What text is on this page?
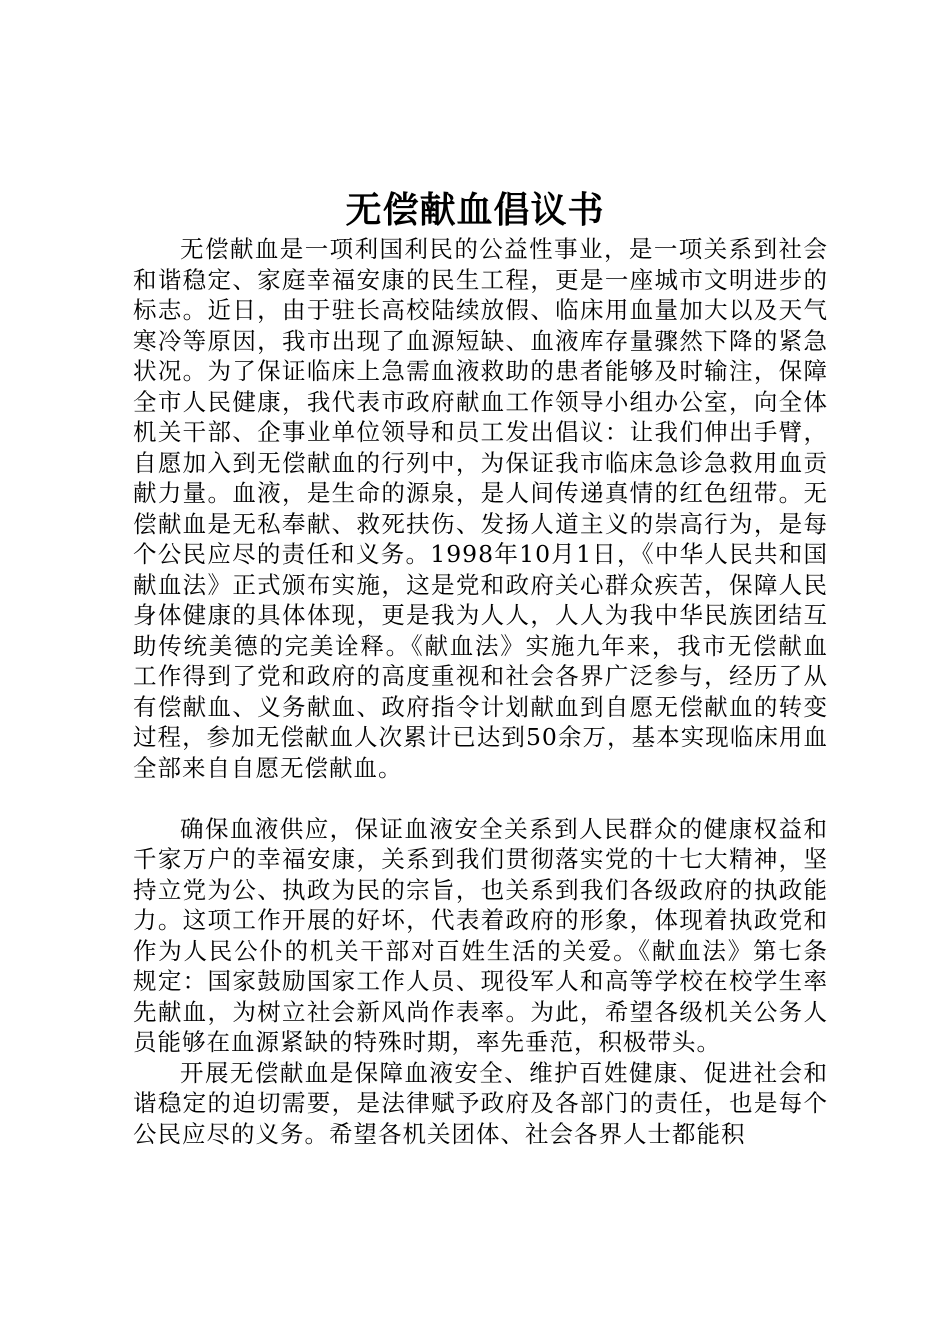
无偿献血倡议书

无偿献血是一项利国利民的公益性事业，是一项关系到社会和谐稳定、家庭幸福安康的民生工程，更是一座城市文明进步的标志。近日，由于驻长高校陆续放假、临床用血量加大以及天气寒冷等原因，我市出现了血源短缺、血液库存量骤然下降的紧急状况。为了保证临床上急需血液救助的患者能够及时输注，保障全市人民健康，我代表市政府献血工作领导小组办公室，向全体机关干部、企事业单位领导和员工发出倡议：让我们伸出手臂，自愿加入到无偿献血的行列中，为保证我市临床急诊急救用血贡献力量。血液，是生命的源泉，是人间传递真情的红色纽带。无偿献血是无私奉献、救死扶伤、发扬人道主义的崇高行为，是每个公民应尽的责任和义务。1998年10月1日，《中华人民共和国献血法》正式颁布实施，这是党和政府关心群众疾苦，保障人民身体健康的具体体现，更是我为人人，人人为我中华民族团结互助传统美德的完美诠释。《献血法》实施九年来，我市无偿献血工作得到了党和政府的高度重视和社会各界广泛参与，经历了从有偿献血、义务献血、政府指令计划献血到自愿无偿献血的转变过程，参加无偿献血人次累计已达到50余万，基本实现临床用血全部来自自愿无偿献血。

确保血液供应，保证血液安全关系到人民群众的健康权益和千家万户的幸福安康，关系到我们贯彻落实党的十七大精神，坚持立党为公、执政为民的宗旨，也关系到我们各级政府的执政能力。这项工作开展的好坏，代表着政府的形象，体现着执政党和作为人民公仆的机关干部对百姓生活的关爱。《献血法》第七条规定：国家鼓励国家工作人员、现役军人和高等学校在校学生率先献血，为树立社会新风尚作表率。为此，希望各级机关公务人员能够在血源紧缺的特殊时期，率先垂范，积极带头。

开展无偿献血是保障血液安全、维护百姓健康、促进社会和谐稳定的迫切需要，是法律赋予政府及各部门的责任，也是每个公民应尽的义务。希望各机关团体、社会各界人士都能积
